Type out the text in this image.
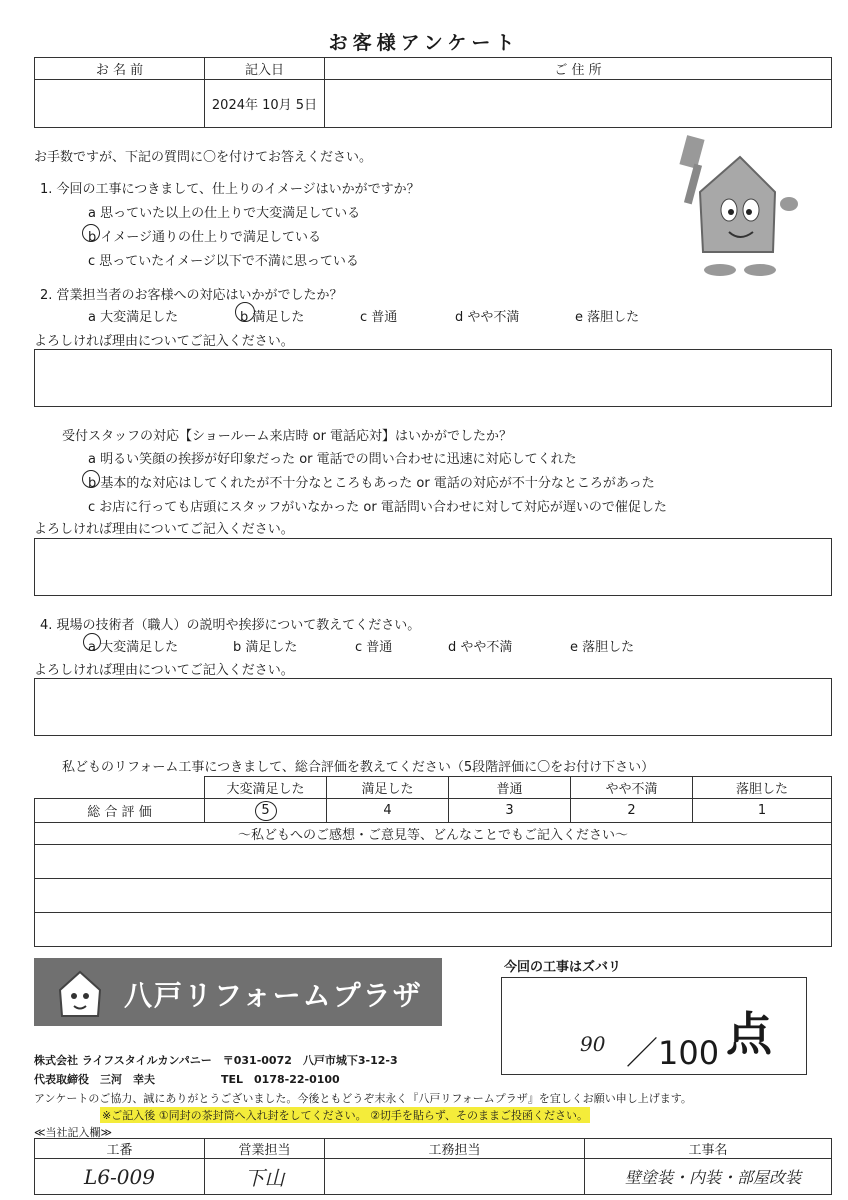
お客様アンケート
お 名 前	記入日	ご 住 所
	2024年 10月 5日	
お手数ですが、下記の質問に〇を付けてお答えください。
1. 今回の工事につきまして、仕上りのイメージはいかがですか？
a 思っていた以上の仕上りで大変満足している
b イメージ通りの仕上りで満足している
c 思っていたイメージ以下で不満に思っている
2. 営業担当者のお客様への対応はいかがでしたか？
a 大変満足した	b 満足した	c 普通	d やや不満	e 落胆した
よろしければ理由についてご記入ください。
受付スタッフの対応【ショールーム来店時 or 電話応対】はいかがでしたか？
a 明るい笑顔の挨拶が好印象だった or 電話での問い合わせに迅速に対応してくれた
b 基本的な対応はしてくれたが不十分なところもあった or 電話の対応が不十分なところがあった
c お店に行っても店頭にスタッフがいなかった or 電話問い合わせに対して対応が遅いので催促した
よろしければ理由についてご記入ください。
4. 現場の技術者（職人）の説明や挨拶について教えてください。
a 大変満足した	b 満足した	c 普通	d やや不満	e 落胆した
よろしければ理由についてご記入ください。
私どものリフォーム工事につきまして、総合評価を教えてください（5段階評価に〇をお付け下さい）
	大変満足した	満足した	普通	やや不満	落胆した
総 合 評 価	5	4	3	2	1
～私どもへのご感想・ご意見等、どんなことでもご記入ください～					

八戸リフォームプラザ
株式会社 ライフスタイルカンパニー　〒031-0072　八戸市城下3-12-3
代表取締役　三河　幸夫　　　　　　TEL　0178-22-0100
今回の工事はズバリ
90 ／100 点
アンケートのご協力、誠にありがとうございました。今後ともどうぞ末永く『八戸リフォームプラザ』を宜しくお願い申し上げます。
※ご記入後 ①同封の茶封筒へ入れ封をしてください。 ②切手を貼らず、そのままご投函ください。
≪当社記入欄≫
工番	営業担当	工務担当	工事名
L6-009	下山		壁塗装・内装・部屋改装
